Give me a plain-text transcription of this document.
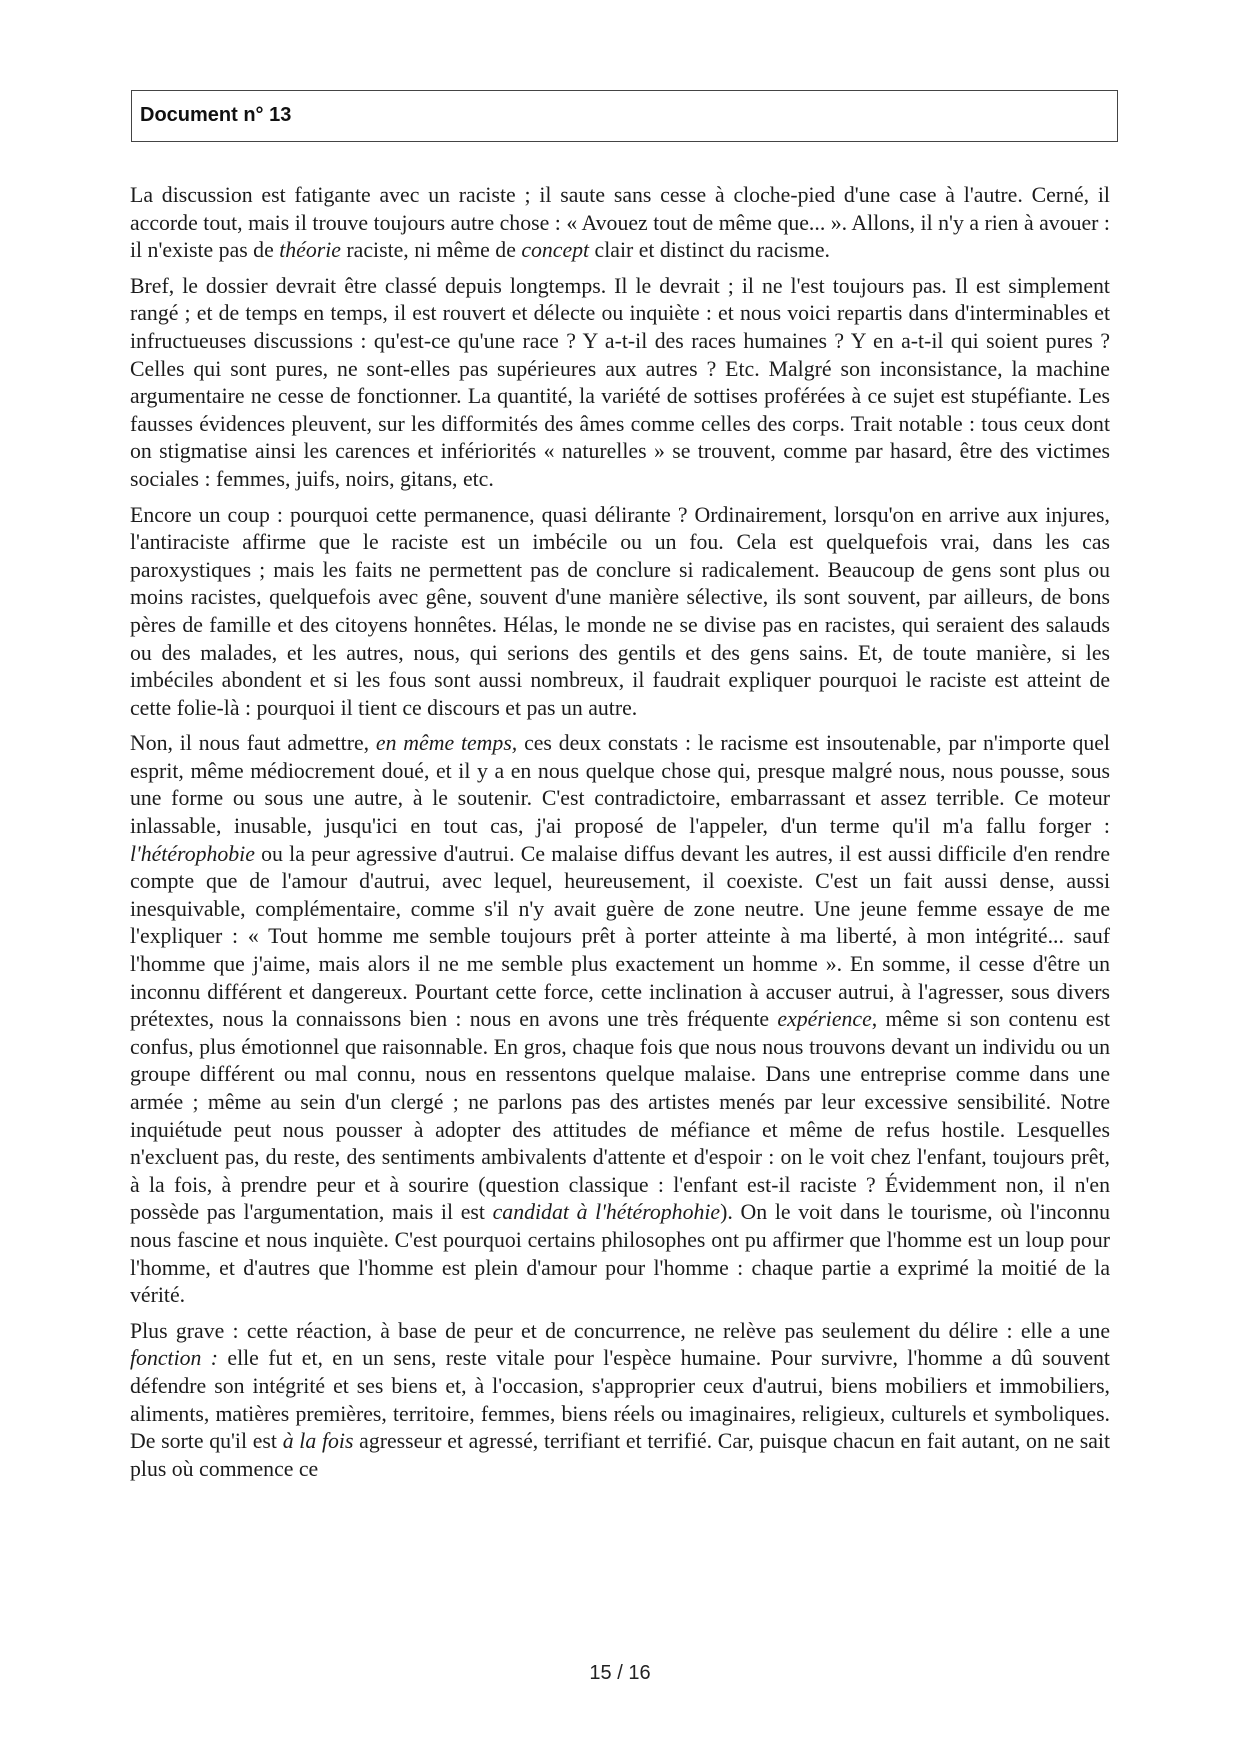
Document n° 13

La discussion est fatigante avec un raciste ; il saute sans cesse à cloche-pied d'une case à l'autre. Cerné, il accorde tout, mais il trouve toujours autre chose : « Avouez tout de même que... ». Allons, il n'y a rien à avouer : il n'existe pas de théorie raciste, ni même de concept clair et distinct du racisme.

Bref, le dossier devrait être classé depuis longtemps. Il le devrait ; il ne l'est toujours pas. Il est simplement rangé ; et de temps en temps, il est rouvert et délecte ou inquiète : et nous voici repartis dans d'interminables et infructueuses discussions : qu'est-ce qu'une race ? Y a-t-il des races humaines ? Y en a-t-il qui soient pures ? Celles qui sont pures, ne sont-elles pas supérieures aux autres ? Etc. Malgré son inconsistance, la machine argumentaire ne cesse de fonctionner. La quantité, la variété de sottises proférées à ce sujet est stupéfiante. Les fausses évidences pleuvent, sur les difformités des âmes comme celles des corps. Trait notable : tous ceux dont on stigmatise ainsi les carences et infériorités « naturelles » se trouvent, comme par hasard, être des victimes sociales : femmes, juifs, noirs, gitans, etc.

Encore un coup : pourquoi cette permanence, quasi délirante ? Ordinairement, lorsqu'on en arrive aux injures, l'antiraciste affirme que le raciste est un imbécile ou un fou. Cela est quelquefois vrai, dans les cas paroxystiques ; mais les faits ne permettent pas de conclure si radicalement. Beaucoup de gens sont plus ou moins racistes, quelquefois avec gêne, souvent d'une manière sélective, ils sont souvent, par ailleurs, de bons pères de famille et des citoyens honnêtes. Hélas, le monde ne se divise pas en racistes, qui seraient des salauds ou des malades, et les autres, nous, qui serions des gentils et des gens sains. Et, de toute manière, si les imbéciles abondent et si les fous sont aussi nombreux, il faudrait expliquer pourquoi le raciste est atteint de cette folie-là : pourquoi il tient ce discours et pas un autre.

Non, il nous faut admettre, en même temps, ces deux constats : le racisme est insoutenable, par n'importe quel esprit, même médiocrement doué, et il y a en nous quelque chose qui, presque malgré nous, nous pousse, sous une forme ou sous une autre, à le soutenir. C'est contradictoire, embarrassant et assez terrible. Ce moteur inlassable, inusable, jusqu'ici en tout cas, j'ai proposé de l'appeler, d'un terme qu'il m'a fallu forger : l'hétérophobie ou la peur agressive d'autrui. Ce malaise diffus devant les autres, il est aussi difficile d'en rendre compte que de l'amour d'autrui, avec lequel, heureusement, il coexiste. C'est un fait aussi dense, aussi inesquivable, complémentaire, comme s'il n'y avait guère de zone neutre. Une jeune femme essaye de me l'expliquer : « Tout homme me semble toujours prêt à porter atteinte à ma liberté, à mon intégrité... sauf l'homme que j'aime, mais alors il ne me semble plus exactement un homme ». En somme, il cesse d'être un inconnu différent et dangereux. Pourtant cette force, cette inclination à accuser autrui, à l'agresser, sous divers prétextes, nous la connaissons bien : nous en avons une très fréquente expérience, même si son contenu est confus, plus émotionnel que raisonnable. En gros, chaque fois que nous nous trouvons devant un individu ou un groupe différent ou mal connu, nous en ressentons quelque malaise. Dans une entreprise comme dans une armée ; même au sein d'un clergé ; ne parlons pas des artistes menés par leur excessive sensibilité. Notre inquiétude peut nous pousser à adopter des attitudes de méfiance et même de refus hostile. Lesquelles n'excluent pas, du reste, des sentiments ambivalents d'attente et d'espoir : on le voit chez l'enfant, toujours prêt, à la fois, à prendre peur et à sourire (question classique : l'enfant est-il raciste ? Évidemment non, il n'en possède pas l'argumentation, mais il est candidat à l'hétérophohie). On le voit dans le tourisme, où l'inconnu nous fascine et nous inquiète. C'est pourquoi certains philosophes ont pu affirmer que l'homme est un loup pour l'homme, et d'autres que l'homme est plein d'amour pour l'homme : chaque partie a exprimé la moitié de la vérité.

Plus grave : cette réaction, à base de peur et de concurrence, ne relève pas seulement du délire : elle a une fonction : elle fut et, en un sens, reste vitale pour l'espèce humaine. Pour survivre, l'homme a dû souvent défendre son intégrité et ses biens et, à l'occasion, s'approprier ceux d'autrui, biens mobiliers et immobiliers, aliments, matières premières, territoire, femmes, biens réels ou imaginaires, religieux, culturels et symboliques. De sorte qu'il est à la fois agresseur et agressé, terrifiant et terrifié. Car, puisque chacun en fait autant, on ne sait plus où commence ce

15 / 16
